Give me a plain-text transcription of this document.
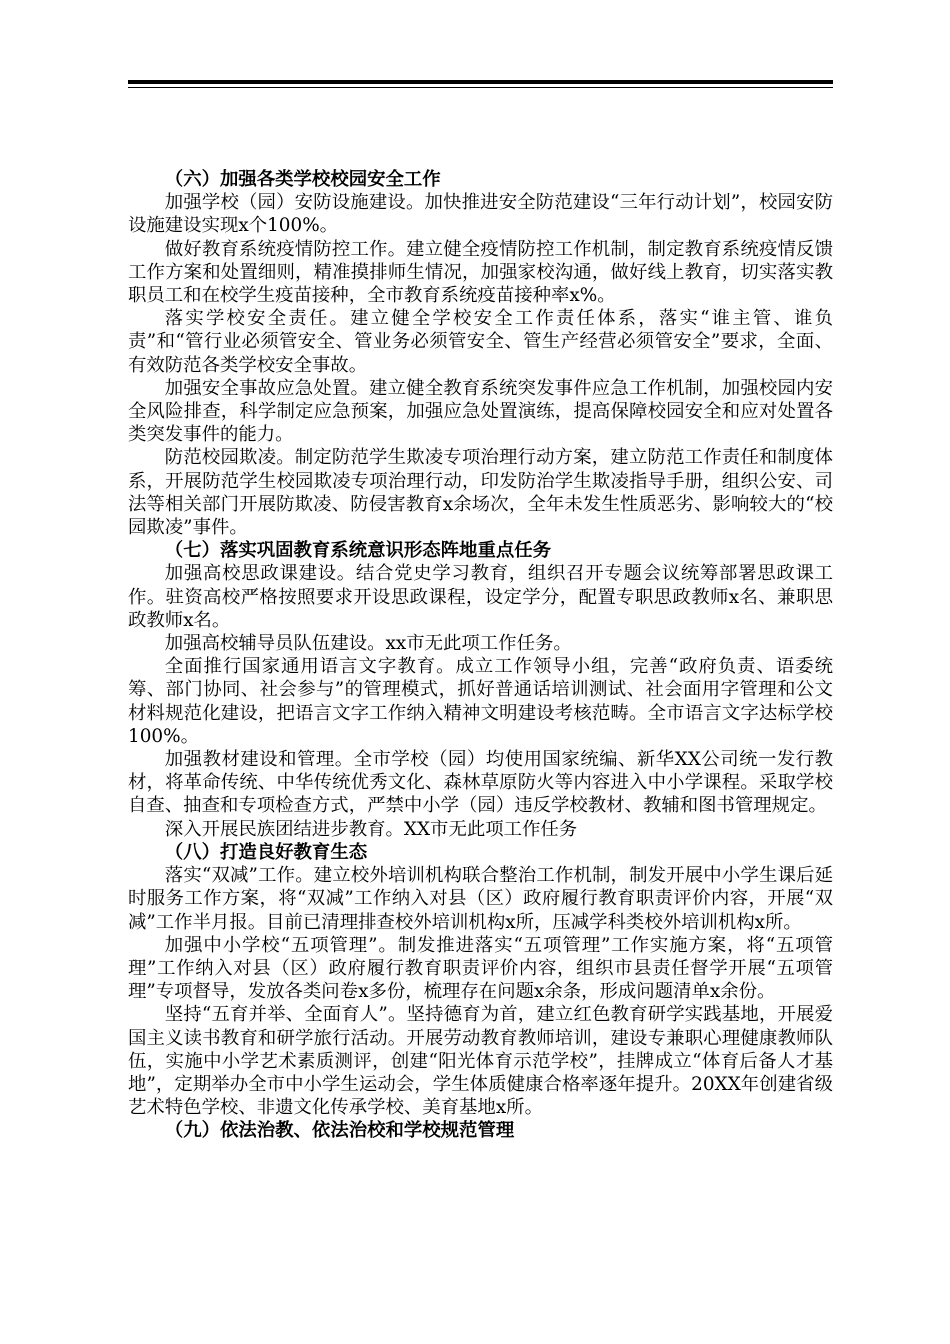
（六）加强各类学校校园安全工作

加强学校（园）安防设施建设。加快推进安全防范建设“三年行动计划”，校园安防设施建设实现x个100%。

做好教育系统疫情防控工作。建立健全疫情防控工作机制，制定教育系统疫情反馈工作方案和处置细则，精准摸排师生情况，加强家校沟通，做好线上教育，切实落实教职员工和在校学生疫苗接种，全市教育系统疫苗接种率x%。

落实学校安全责任。建立健全学校安全工作责任体系，落实“谁主管、谁负责”和“管行业必须管安全、管业务必须管安全、管生产经营必须管安全”要求，全面、有效防范各类学校安全事故。

加强安全事故应急处置。建立健全教育系统突发事件应急工作机制，加强校园内安全风险排查，科学制定应急预案，加强应急处置演练，提高保障校园安全和应对处置各类突发事件的能力。

防范校园欺凌。制定防范学生欺凌专项治理行动方案，建立防范工作责任和制度体系，开展防范学生校园欺凌专项治理行动，印发防治学生欺凌指导手册，组织公安、司法等相关部门开展防欺凌、防侵害教育x余场次，全年未发生性质恶劣、影响较大的“校园欺凌”事件。

（七）落实巩固教育系统意识形态阵地重点任务

加强高校思政课建设。结合党史学习教育，组织召开专题会议统筹部署思政课工作。驻资高校严格按照要求开设思政课程，设定学分，配置专职思政教师x名、兼职思政教师x名。

加强高校辅导员队伍建设。xx市无此项工作任务。

全面推行国家通用语言文字教育。成立工作领导小组，完善“政府负责、语委统筹、部门协同、社会参与”的管理模式，抓好普通话培训测试、社会面用字管理和公文材料规范化建设，把语言文字工作纳入精神文明建设考核范畴。全市语言文字达标学校100%。

加强教材建设和管理。全市学校（园）均使用国家统编、新华XX公司统一发行教材，将革命传统、中华传统优秀文化、森林草原防火等内容进入中小学课程。采取学校自查、抽查和专项检查方式，严禁中小学（园）违反学校教材、教辅和图书管理规定。

深入开展民族团结进步教育。XX市无此项工作任务

（八）打造良好教育生态

落实“双减”工作。建立校外培训机构联合整治工作机制，制发开展中小学生课后延时服务工作方案，将“双减”工作纳入对县（区）政府履行教育职责评价内容，开展“双减”工作半月报。目前已清理排查校外培训机构x所，压减学科类校外培训机构x所。

加强中小学校“五项管理”。制发推进落实“五项管理”工作实施方案，将“五项管理”工作纳入对县（区）政府履行教育职责评价内容，组织市县责任督学开展“五项管理”专项督导，发放各类问卷x多份，梳理存在问题x余条，形成问题清单x余份。

坚持“五育并举、全面育人”。坚持德育为首，建立红色教育研学实践基地，开展爱国主义读书教育和研学旅行活动。开展劳动教育教师培训，建设专兼职心理健康教师队伍，实施中小学艺术素质测评，创建“阳光体育示范学校”，挂牌成立“体育后备人才基地”，定期举办全市中小学生运动会，学生体质健康合格率逐年提升。20XX年创建省级艺术特色学校、非遗文化传承学校、美育基地x所。

（九）依法治教、依法治校和学校规范管理
